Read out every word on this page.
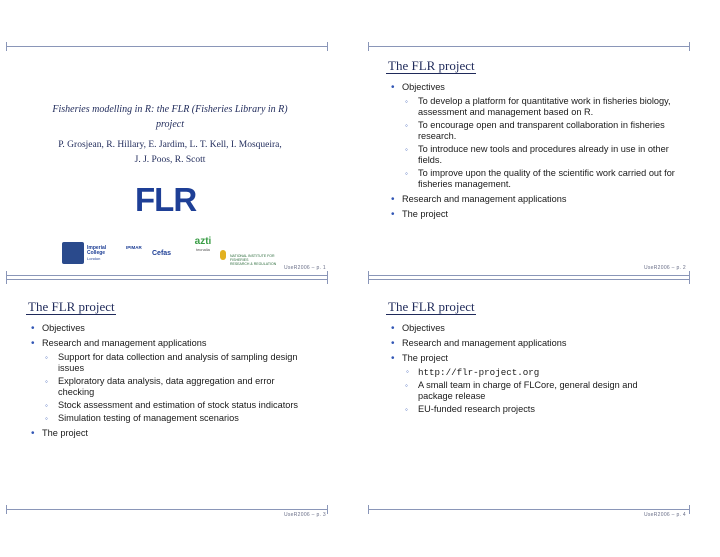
Fisheries modelling in R: the FLR (Fisheries Library in R)
project
P. Grosjean, R. Hillary, E. Jardim, L. T. Kell, I. Mosqueira,
J. J. Poos, R. Scott
FLR
Imperial College
London
IPIMAR
Cefas
azti
tecnalia
NATIONAL INSTITUTE FOR FISHERIES
RESEARCH & REGULATION
UseR2006 – p. 1
The FLR project
• Objectives
◦ To develop a platform for quantitative work in fisheries biology, assessment and management based on R.
◦ To encourage open and transparent collaboration in fisheries research.
◦ To introduce new tools and procedures already in use in other fields.
◦ To improve upon the quality of the scientific work carried out for fisheries management.
• Research and management applications
• The project
UseR2006 – p. 2
The FLR project
• Objectives
• Research and management applications
◦ Support for data collection and analysis of sampling design issues
◦ Exploratory data analysis, data aggregation and error checking
◦ Stock assessment and estimation of stock status indicators
◦ Simulation testing of management scenarios
• The project
UseR2006 – p. 3
The FLR project
• Objectives
• Research and management applications
• The project
◦ http://flr-project.org
◦ A small team in charge of FLCore, general design and package release
◦ EU-funded research projects
UseR2006 – p. 4
